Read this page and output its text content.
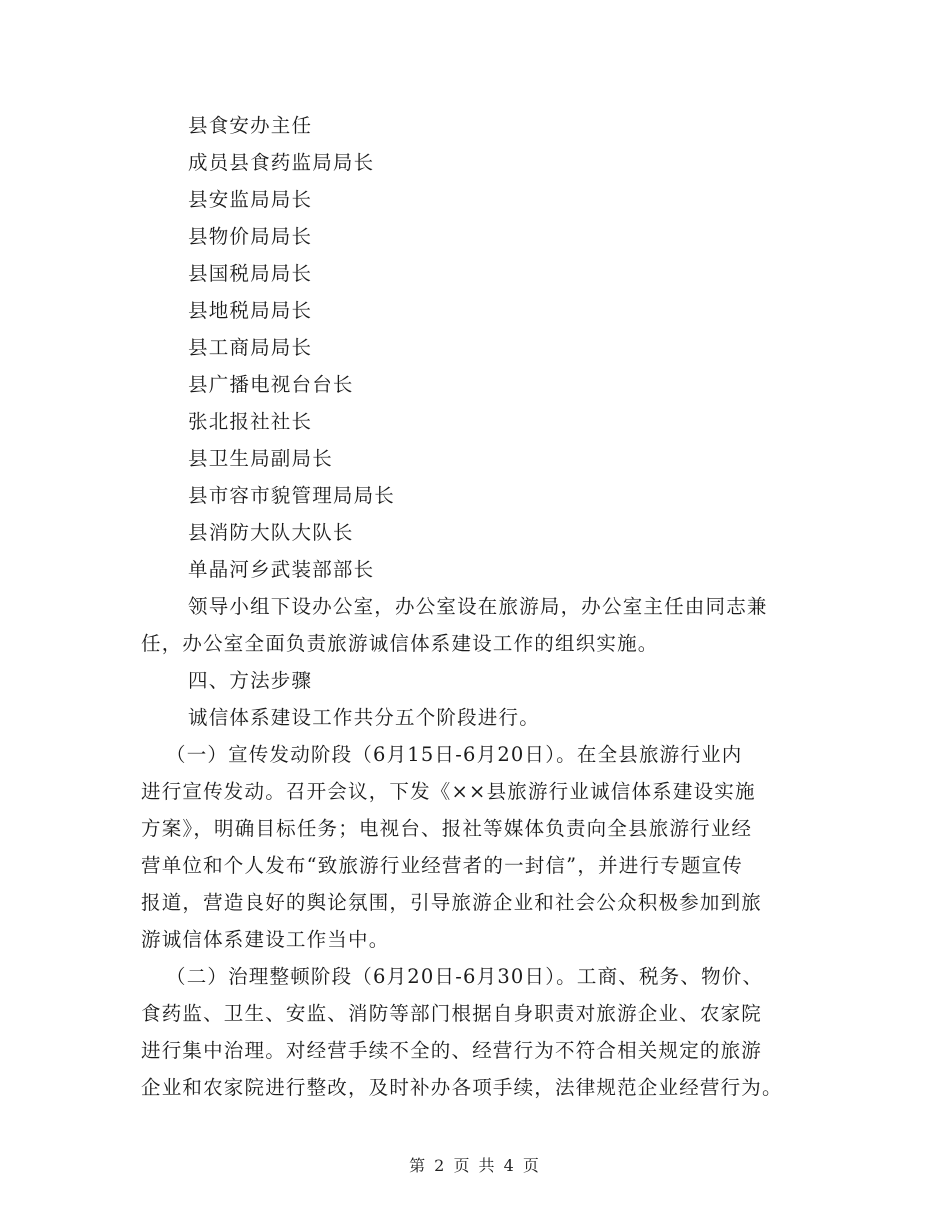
县食安办主任
成员县食药监局局长
县安监局局长
县物价局局长
县国税局局长
县地税局局长
县工商局局长
县广播电视台台长
张北报社社长
县卫生局副局长
县市容市貌管理局局长
县消防大队大队长
单晶河乡武装部部长
领导小组下设办公室，办公室设在旅游局，办公室主任由同志兼
任，办公室全面负责旅游诚信体系建设工作的组织实施。
四、方法步骤
诚信体系建设工作共分五个阶段进行。
（一）宣传发动阶段（6月15日-6月20日）。在全县旅游行业内
进行宣传发动。召开会议，下发《××县旅游行业诚信体系建设实施
方案》，明确目标任务；电视台、报社等媒体负责向全县旅游行业经
营单位和个人发布“致旅游行业经营者的一封信”，并进行专题宣传
报道，营造良好的舆论氛围，引导旅游企业和社会公众积极参加到旅
游诚信体系建设工作当中。
（二）治理整顿阶段（6月20日-6月30日）。工商、税务、物价、
食药监、卫生、安监、消防等部门根据自身职责对旅游企业、农家院
进行集中治理。对经营手续不全的、经营行为不符合相关规定的旅游
企业和农家院进行整改，及时补办各项手续，法律规范企业经营行为。
第 2 页 共 4 页
